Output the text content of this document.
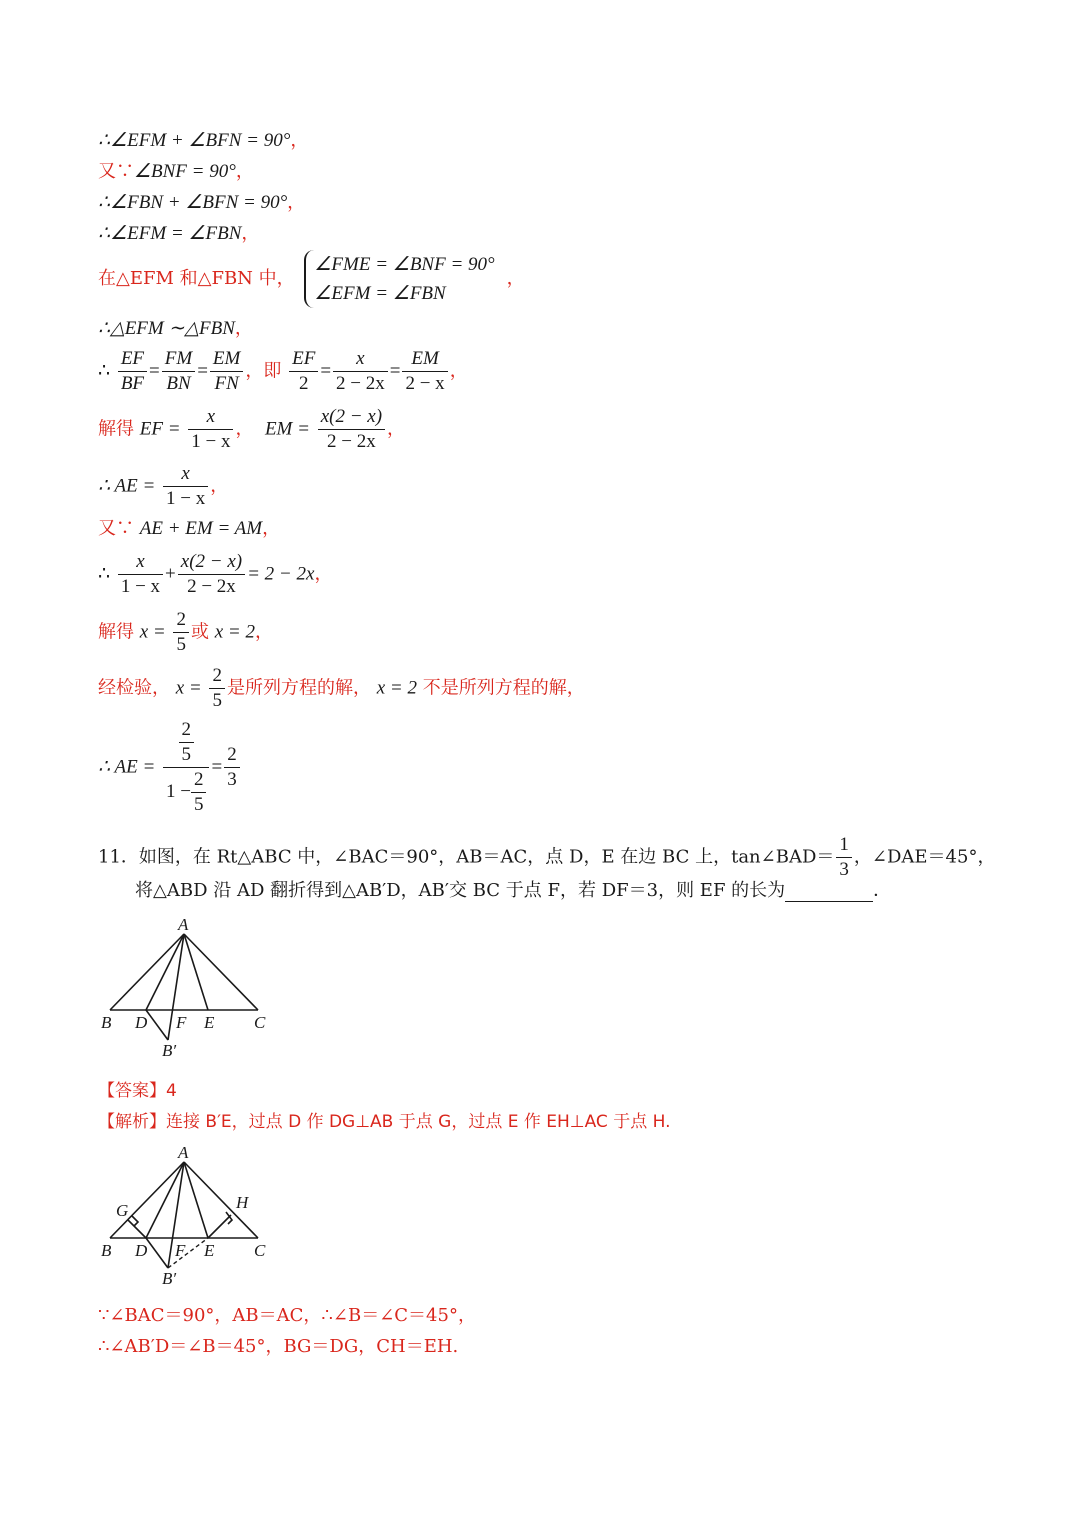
∴∠EFM + ∠BFN = 90°，
又∵∠BNF = 90°，
∴∠FBN + ∠BFN = 90°，
∴∠EFM = ∠FBN，
在△EFM 和△FBN 中，
∠FME = ∠BNF = 90°
∠EFM = ∠FBN
，
∴△EFM ∼△FBN，
∴ $\frac{EF}{BF} = \frac{FM}{BN} = \frac{EM}{FN}$ ，即 $\frac{EF}{2} = \frac{x}{2 - 2x} = \frac{EM}{2 - x}$ ，
解得 EF = $\frac{x}{1 - x}$ ， EM = $\frac{x(2 - x)}{2 - 2x}$ ，
∴ AE = $\frac{x}{1 - x}$ ，
又∵ AE + EM = AM，
∴ $\frac{x}{1 - x} + \frac{x(2 - x)}{2 - 2x} = 2 - 2x$，
解得 $x = \frac{2}{5}$ 或 x = 2，
经检验， $x = \frac{2}{5}$ 是所列方程的解， x = 2 不是所列方程的解，
∴ AE = $\frac{\frac{2}{5}}{1 - \frac{2}{5}} = \frac{2}{3}$
11．如图，在 Rt△ABC 中，∠BAC＝90°，AB＝AC，点 D，E 在边 BC 上，tan∠BAD＝ $\frac{1}{3}$ ，∠DAE＝45°，
将△ABD 沿 AD 翻折得到△AB′D，AB′交 BC 于点 F，若 DF＝3，则 EF 的长为	．
A
B D F E C
B′
【答案】4
【解析】连接 B′E，过点 D 作 DG⊥AB 于点 G，过点 E 作 EH⊥AC 于点 H.
A
G	H
B D F E C
B′
∵∠BAC＝90°，AB＝AC，∴∠B＝∠C＝45°，
∴∠AB′D＝∠B＝45°，BG＝DG，CH＝EH.
